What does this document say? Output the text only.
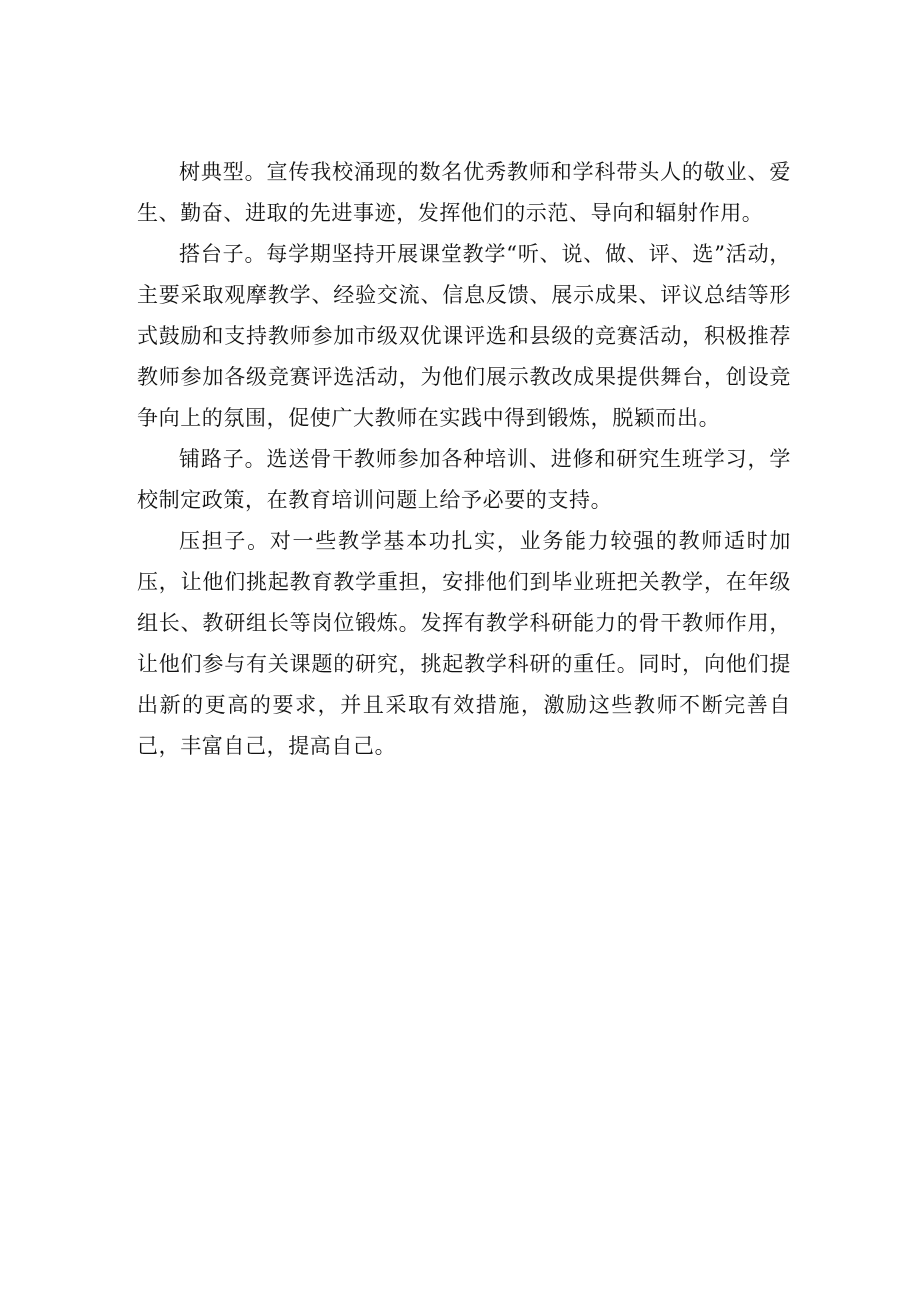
树典型。宣传我校涌现的数名优秀教师和学科带头人的敬业、爱生、勤奋、进取的先进事迹，发挥他们的示范、导向和辐射作用。

搭台子。每学期坚持开展课堂教学“听、说、做、评、选”活动，主要采取观摩教学、经验交流、信息反馈、展示成果、评议总结等形式鼓励和支持教师参加市级双优课评选和县级的竞赛活动，积极推荐教师参加各级竞赛评选活动，为他们展示教改成果提供舞台，创设竞争向上的氛围，促使广大教师在实践中得到锻炼，脱颖而出。

铺路子。选送骨干教师参加各种培训、进修和研究生班学习，学校制定政策，在教育培训问题上给予必要的支持。

压担子。对一些教学基本功扎实，业务能力较强的教师适时加压，让他们挑起教育教学重担，安排他们到毕业班把关教学，在年级组长、教研组长等岗位锻炼。发挥有教学科研能力的骨干教师作用，让他们参与有关课题的研究，挑起教学科研的重任。同时，向他们提出新的更高的要求，并且采取有效措施，激励这些教师不断完善自己，丰富自己，提高自己。
